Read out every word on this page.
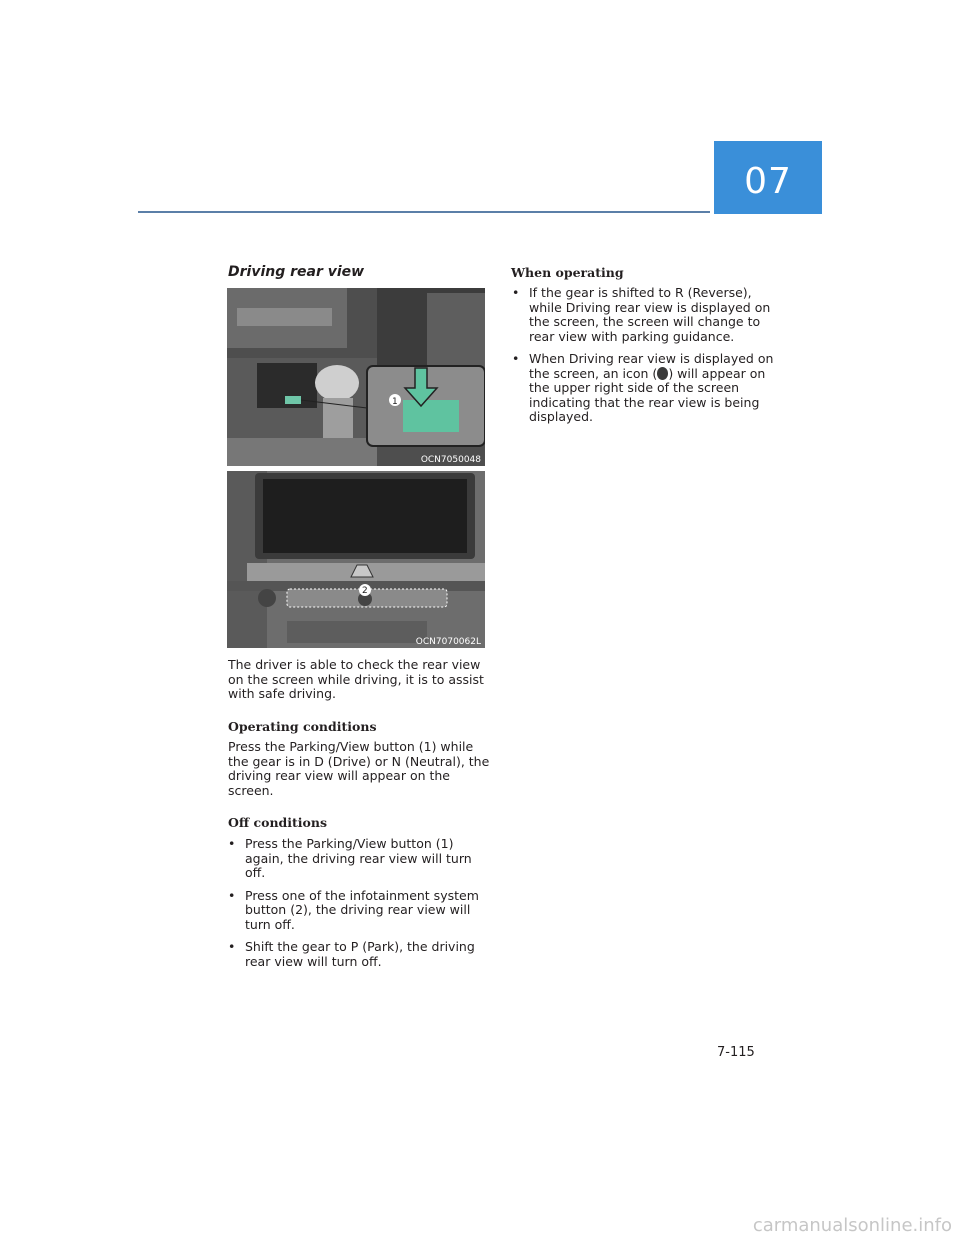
07
Driving rear view
1
OCN7050048
2
OCN7070062L

The driver is able to check the rear view on the screen while driving, it is to assist with safe driving.

Operating conditions

Press the Parking/View button (1) while the gear is in D (Drive) or N (Neutral), the driving rear view will appear on the screen.

Off conditions
• Press the Parking/View button (1) again, the driving rear view will turn off.
• Press one of the infotainment system button (2), the driving rear view will turn off.
• Shift the gear to P (Park), the driving rear view will turn off.
When operating
• If the gear is shifted to R (Reverse), while Driving rear view is displayed on the screen, the screen will change to rear view with parking guidance.
• When Driving rear view is displayed on the screen, an icon ( ) will appear on the upper right side of the screen indicating that the rear view is being displayed.
7-115
carmanualsonline.info
